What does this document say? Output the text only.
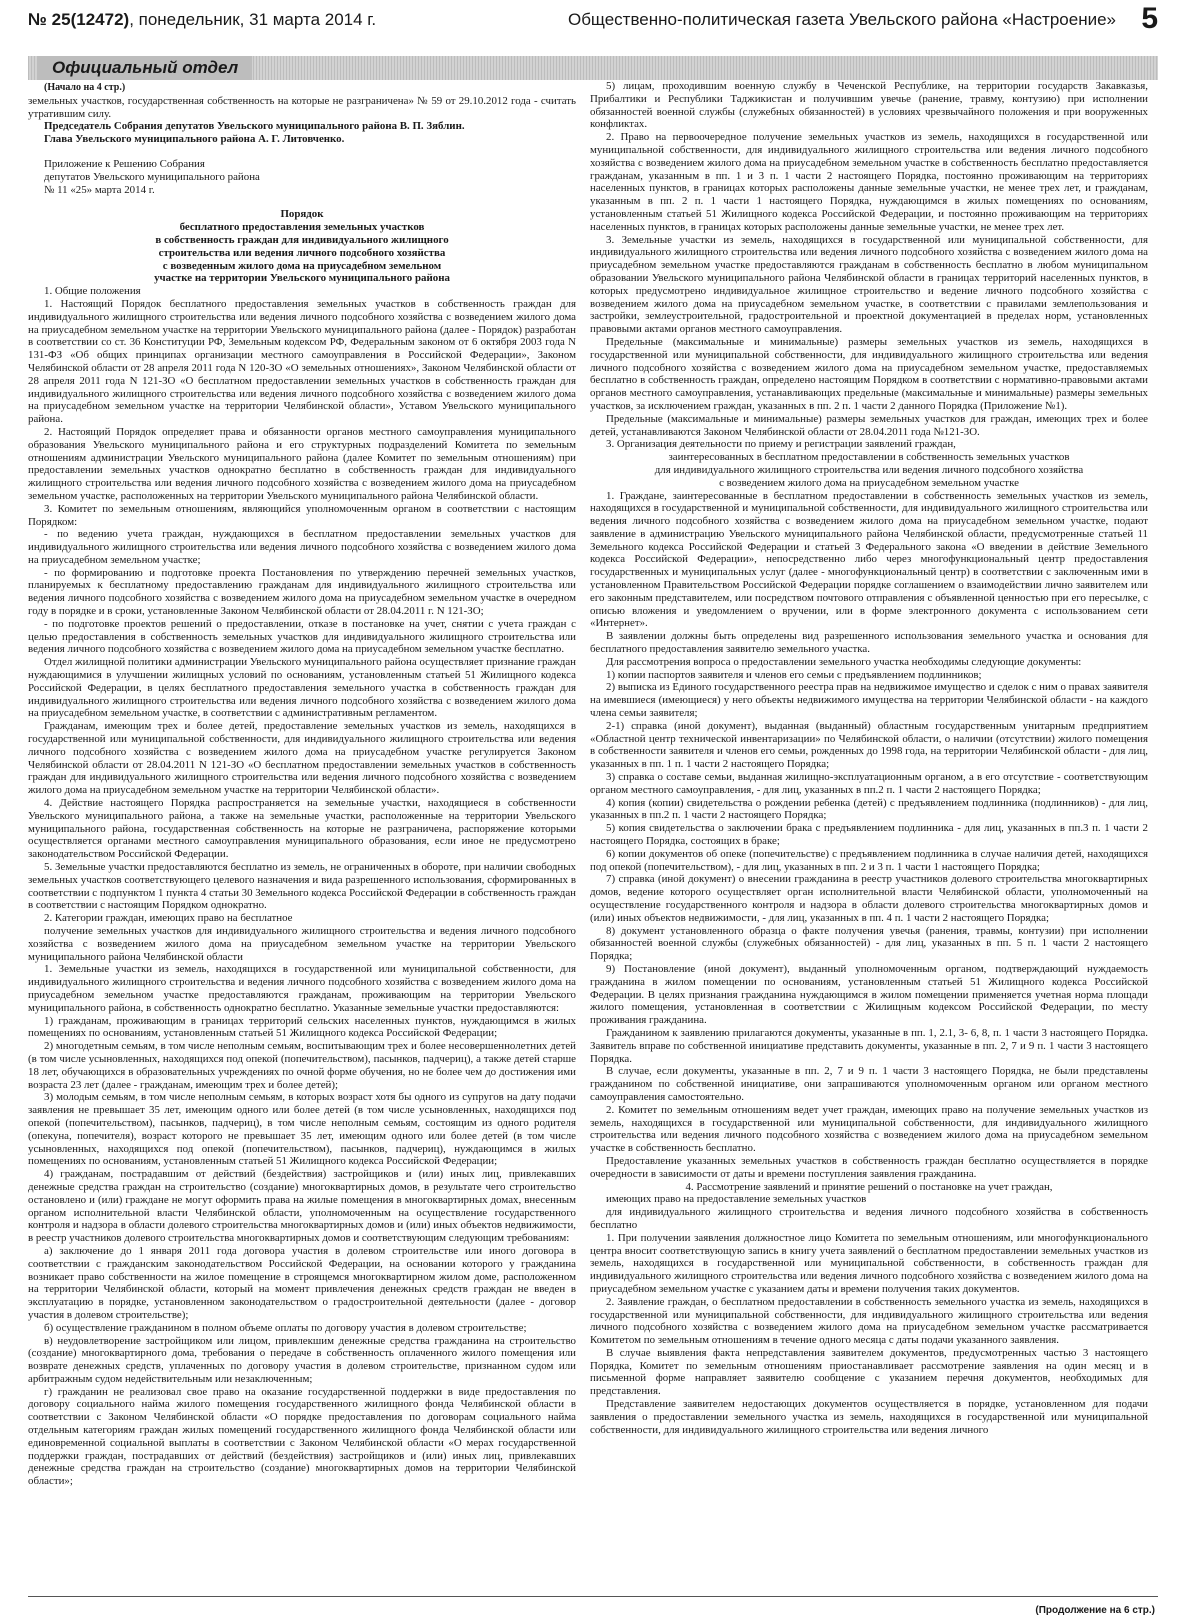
№ 25(12472), понедельник, 31 марта 2014 г.	Общественно-политическая газета Увельского района «Настроение» 5
Официальный отдел

(Начало на 4 стр.)

земельных участков, государственная собственность на которые не разграничена» № 59 от 29.10.2012 года - считать утратившим силу.

Председатель Собрания депутатов Увельского муниципального района В. П. Зяблин.

Глава Увельского муниципального района А. Г. Литовченко.

Приложение к Решению Собрания

депутатов Увельского муниципального района

№ 11 «25» марта 2014 г.

Порядок

бесплатного предоставления земельных участков

в собственность граждан для индивидуального жилищного

строительства или ведения личного подсобного хозяйства

с возведенным жилого дома на приусадебном земельном

участке на территории Увельского муниципального района

1. Общие положения

1. Настоящий Порядок бесплатного предоставления земельных участков в собственность граждан для индивидуального жилищного строительства или ведения личного подсобного хозяйства с возведением жилого дома на приусадебном земельном участке на территории Увельского муниципального района (далее - Порядок) разработан в соответствии со ст. 36 Конституции РФ, Земельным кодексом РФ, Федеральным законом от 6 октября 2003 года N 131-ФЗ «Об общих принципах организации местного самоуправления в Российской Федерации», Законом Челябинской области от 28 апреля 2011 года N 120-ЗО «О земельных отношениях», Законом Челябинской области от 28 апреля 2011 года N 121-ЗО «О бесплатном предоставлении земельных участков в собственность граждан для индивидуального жилищного строительства или ведения личного подсобного хозяйства с возведением жилого дома на приусадебном земельном участке на территории Челябинской области», Уставом Увельского муниципального района.

2. Настоящий Порядок определяет права и обязанности органов местного самоуправления муниципального образования Увельского муниципального района и его структурных подразделений Комитета по земельным отношениям администрации Увельского муниципального района (далее Комитет по земельным отношениям) при предоставлении земельных участков однократно бесплатно в собственность граждан для индивидуального жилищного строительства или ведения личного подсобного хозяйства с возведением жилого дома на приусадебном земельном участке, расположенных на территории Увельского муниципального района Челябинской области.

3. Комитет по земельным отношениям, являющийся уполномоченным органом в соответствии с настоящим Порядком:

- по ведению учета граждан, нуждающихся в бесплатном предоставлении земельных участков для индивидуального жилищного строительства или ведения личного подсобного хозяйства с возведением жилого дома на приусадебном земельном участке;

- по формированию и подготовке проекта Постановления по утверждению перечней земельных участков, планируемых к бесплатному предоставлению гражданам для индивидуального жилищного строительства или ведения личного подсобного хозяйства с возведением жилого дома на приусадебном земельном участке в очередном году в порядке и в сроки, установленные Законом Челябинской области от 28.04.2011 г. N 121-ЗО;

- по подготовке проектов решений о предоставлении, отказе в постановке на учет, снятии с учета граждан с целью предоставления в собственность земельных участков для индивидуального жилищного строительства или ведения личного подсобного хозяйства с возведением жилого дома на приусадебном земельном участке бесплатно.

Отдел жилищной политики администрации Увельского муниципального района осуществляет признание граждан нуждающимися в улучшении жилищных условий по основаниям, установленным статьей 51 Жилищного кодекса Российской Федерации, в целях бесплатного предоставления земельного участка в собственность граждан для индивидуального жилищного строительства или ведения личного подсобного хозяйства с возведением жилого дома на приусадебном земельном участке, в соответствии с административным регламентом.

Гражданам, имеющим трех и более детей, предоставление земельных участков из земель, находящихся в государственной или муниципальной собственности, для индивидуального жилищного строительства или ведения личного подсобного хозяйства с возведением жилого дома на приусадебном участке регулируется Законом Челябинской области от 28.04.2011 N 121-ЗО «О бесплатном предоставлении земельных участков в собственность граждан для индивидуального жилищного строительства или ведения личного подсобного хозяйства с возведением жилого дома на приусадебном земельном участке на территории Челябинской области».

4. Действие настоящего Порядка распространяется на земельные участки, находящиеся в собственности Увельского муниципального района, а также на земельные участки, расположенные на территории Увельского муниципального района, государственная собственность на которые не разграничена, распоряжение которыми осуществляется органами местного самоуправления муниципального образования, если иное не предусмотрено законодательством Российской Федерации.

5. Земельные участки предоставляются бесплатно из земель, не ограниченных в обороте, при наличии свободных земельных участков соответствующего целевого назначения и вида разрешенного использования, сформированных в соответствии с подпунктом 1 пункта 4 статьи 30 Земельного кодекса Российской Федерации в собственность граждан в соответствии с настоящим Порядком однократно.

2. Категории граждан, имеющих право на бесплатное

получение земельных участков для индивидуального жилищного строительства и ведения личного подсобного хозяйства с возведением жилого дома на приусадебном земельном участке на территории Увельского муниципального района Челябинской области

1. Земельные участки из земель, находящихся в государственной или муниципальной собственности, для индивидуального жилищного строительства и ведения личного подсобного хозяйства с возведением жилого дома на приусадебном земельном участке предоставляются гражданам, проживающим на территории Увельского муниципального района, в собственность однократно бесплатно. Указанные земельные участки предоставляются:

1) гражданам, проживающим в границах территорий сельских населенных пунктов, нуждающимся в жилых помещениях по основаниям, установленным статьей 51 Жилищного кодекса Российской Федерации;

2) многодетным семьям, в том числе неполным семьям, воспитывающим трех и более несовершеннолетних детей (в том числе усыновленных, находящихся под опекой (попечительством), пасынков, падчериц), а также детей старше 18 лет, обучающихся в образовательных учреждениях по очной форме обучения, но не более чем до достижения ими возраста 23 лет (далее - гражданам, имеющим трех и более детей);

3) молодым семьям, в том числе неполным семьям, в которых возраст хотя бы одного из супругов на дату подачи заявления не превышает 35 лет, имеющим одного или более детей (в том числе усыновленных, находящихся под опекой (попечительством), пасынков, падчериц), в том числе неполным семьям, состоящим из одного родителя (опекуна, попечителя), возраст которого не превышает 35 лет, имеющим одного или более детей (в том числе усыновленных, находящихся под опекой (попечительством), пасынков, падчериц), нуждающимся в жилых помещениях по основаниям, установленным статьей 51 Жилищного кодекса Российской Федерации;

4) гражданам, пострадавшим от действий (бездействия) застройщиков и (или) иных лиц, привлекавших денежные средства граждан на строительство (создание) многоквартирных домов, в результате чего строительство остановлено и (или) граждане не могут оформить права на жилые помещения в многоквартирных домах, внесенным органом исполнительной власти Челябинской области, уполномоченным на осуществление государственного контроля и надзора в области долевого строительства многоквартирных домов и (или) иных объектов недвижимости, в реестр участников долевого строительства многоквартирных домов и соответствующим следующим требованиям:

а) заключение до 1 января 2011 года договора участия в долевом строительстве или иного договора в соответствии с гражданским законодательством Российской Федерации, на основании которого у гражданина возникает право собственности на жилое помещение в строящемся многоквартирном жилом доме, расположенном на территории Челябинской области, который на момент привлечения денежных средств граждан не введен в эксплуатацию в порядке, установленном законодательством о градостроительной деятельности (далее - договор участия в долевом строительстве);

б) осуществление гражданином в полном объеме оплаты по договору участия в долевом строительстве;

в) неудовлетворение застройщиком или лицом, привлекшим денежные средства гражданина на строительство (создание) многоквартирного дома, требования о передаче в собственность оплаченного жилого помещения или возврате денежных средств, уплаченных по договору участия в долевом строительстве, признанном судом или арбитражным судом недействительным или незаключенным;

г) гражданин не реализовал свое право на оказание государственной поддержки в виде предоставления по договору социального найма жилого помещения государственного жилищного фонда Челябинской области в соответствии с Законом Челябинской области «О порядке предоставления по договорам социального найма отдельным категориям граждан жилых помещений государственного жилищного фонда Челябинской области или единовременной социальной выплаты в соответствии с Законом Челябинской области «О мерах государственной поддержки граждан, пострадавших от действий (бездействия) застройщиков и (или) иных лиц, привлекавших денежные средства граждан на строительство (создание) многоквартирных домов на территории Челябинской области»;

5) лицам, проходившим военную службу в Чеченской Республике, на территории государств Закавказья, Прибалтики и Республики Таджикистан и получившим увечье (ранение, травму, контузию) при исполнении обязанностей военной службы (служебных обязанностей) в условиях чрезвычайного положения и при вооруженных конфликтах.

2. Право на первоочередное получение земельных участков из земель, находящихся в государственной или муниципальной собственности, для индивидуального жилищного строительства или ведения личного подсобного хозяйства с возведением жилого дома на приусадебном земельном участке в собственность бесплатно предоставляется гражданам, указанным в пп. 1 и 3 п. 1 части 2 настоящего Порядка, постоянно проживающим на территориях населенных пунктов, в границах которых расположены данные земельные участки, не менее трех лет, и гражданам, указанным в пп. 2 п. 1 части 1 настоящего Порядка, нуждающимся в жилых помещениях по основаниям, установленным статьей 51 Жилищного кодекса Российской Федерации, и постоянно проживающим на территориях населенных пунктов, в границах которых расположены данные земельные участки, не менее трех лет.

3. Земельные участки из земель, находящихся в государственной или муниципальной собственности, для индивидуального жилищного строительства или ведения личного подсобного хозяйства с возведением жилого дома на приусадебном земельном участке предоставляются гражданам в собственность бесплатно в любом муниципальном образовании Увельского муниципального района Челябинской области в границах территорий населенных пунктов, в которых предусмотрено индивидуальное жилищное строительство и ведение личного подсобного хозяйства с возведением жилого дома на приусадебном земельном участке, в соответствии с правилами землепользования и застройки, землеустроительной, градостроительной и проектной документацией в пределах норм, установленных правовыми актами органов местного самоуправления.

Предельные (максимальные и минимальные) размеры земельных участков из земель, находящихся в государственной или муниципальной собственности, для индивидуального жилищного строительства или ведения личного подсобного хозяйства с возведением жилого дома на приусадебном земельном участке, предоставляемых бесплатно в собственность граждан, определено настоящим Порядком в соответствии с нормативно-правовыми актами органов местного самоуправления, устанавливающих предельные (максимальные и минимальные) размеры земельных участков, за исключением граждан, указанных в пп. 2 п. 1 части 2 данного Порядка (Приложение №1).

Предельные (максимальные и минимальные) размеры земельных участков для граждан, имеющих трех и более детей, устанавливаются Законом Челябинской области от 28.04.2011 года №121-ЗО.

3. Организация деятельности по приему и регистрации заявлений граждан,

заинтересованных в бесплатном предоставлении в собственность земельных участков

для индивидуального жилищного строительства или ведения личного подсобного хозяйства

с возведением жилого дома на приусадебном земельном участке

1. Граждане, заинтересованные в бесплатном предоставлении в собственность земельных участков из земель, находящихся в государственной и муниципальной собственности, для индивидуального жилищного строительства или ведения личного подсобного хозяйства с возведением жилого дома на приусадебном земельном участке, подают заявление в администрацию Увельского муниципального района Челябинской области, предусмотренные статьей 11 Земельного кодекса Российской Федерации и статьей 3 Федерального закона «О введении в действие Земельного кодекса Российской Федерации», непосредственно либо через многофункциональный центр предоставления государственных и муниципальных услуг (далее - многофункциональный центр) в соответствии с заключенным ими в установленном Правительством Российской Федерации порядке соглашением о взаимодействии лично заявителем или его законным представителем, или посредством почтового отправления с объявленной ценностью при его пересылке, с описью вложения и уведомлением о вручении, или в форме электронного документа с использованием сети «Интернет».

В заявлении должны быть определены вид разрешенного использования земельного участка и основания для бесплатного предоставления заявителю земельного участка.

Для рассмотрения вопроса о предоставлении земельного участка необходимы следующие документы:

1) копии паспортов заявителя и членов его семьи с предъявлением подлинников;

2) выписка из Единого государственного реестра прав на недвижимое имущество и сделок с ним о правах заявителя на имевшиеся (имеющиеся) у него объекты недвижимого имущества на территории Челябинской области - на каждого члена семьи заявителя;

2-1) справка (иной документ), выданная (выданный) областным государственным унитарным предприятием «Областной центр технической инвентаризации» по Челябинской области, о наличии (отсутствии) жилого помещения в собственности заявителя и членов его семьи, рожденных до 1998 года, на территории Челябинской области - для лиц, указанных в пп. 1 п. 1 части 2 настоящего Порядка;

3) справка о составе семьи, выданная жилищно-эксплуатационным органом, а в его отсутствие - соответствующим органом местного самоуправления, - для лиц, указанных в пп.2 п. 1 части 2 настоящего Порядка;

4) копия (копии) свидетельства о рождении ребенка (детей) с предъявлением подлинника (подлинников) - для лиц, указанных в пп.2 п. 1 части 2 настоящего Порядка;

5) копия свидетельства о заключении брака с предъявлением подлинника - для лиц, указанных в пп.3 п. 1 части 2 настоящего Порядка, состоящих в браке;

6) копии документов об опеке (попечительстве) с предъявлением подлинника в случае наличия детей, находящихся под опекой (попечительством), - для лиц, указанных в пп. 2 и 3 п. 1 части 1 настоящего Порядка;

7) справка (иной документ) о внесении гражданина в реестр участников долевого строительства многоквартирных домов, ведение которого осуществляет орган исполнительной власти Челябинской области, уполномоченный на осуществление государственного контроля и надзора в области долевого строительства многоквартирных домов и (или) иных объектов недвижимости, - для лиц, указанных в пп. 4 п. 1 части 2 настоящего Порядка;

8) документ установленного образца о факте получения увечья (ранения, травмы, контузии) при исполнении обязанностей военной службы (служебных обязанностей) - для лиц, указанных в пп. 5 п. 1 части 2 настоящего Порядка;

9) Постановление (иной документ), выданный уполномоченным органом, подтверждающий нуждаемость гражданина в жилом помещении по основаниям, установленным статьей 51 Жилищного кодекса Российской Федерации. В целях признания гражданина нуждающимся в жилом помещении применяется учетная норма площади жилого помещения, установленная в соответствии с Жилищным кодексом Российской Федерации, по месту проживания гражданина.

Гражданином к заявлению прилагаются документы, указанные в пп. 1, 2.1, 3- 6, 8, п. 1 части 3 настоящего Порядка. Заявитель вправе по собственной инициативе представить документы, указанные в пп. 2, 7 и 9 п. 1 части 3 настоящего Порядка.

В случае, если документы, указанные в пп. 2, 7 и 9 п. 1 части 3 настоящего Порядка, не были представлены гражданином по собственной инициативе, они запрашиваются уполномоченным органом или органом местного самоуправления самостоятельно.

2. Комитет по земельным отношениям ведет учет граждан, имеющих право на получение земельных участков из земель, находящихся в государственной или муниципальной собственности, для индивидуального жилищного строительства или ведения личного подсобного хозяйства с возведением жилого дома на приусадебном земельном участке в собственность бесплатно.

Предоставление указанных земельных участков в собственность граждан бесплатно осуществляется в порядке очередности в зависимости от даты и времени поступления заявления гражданина.

4. Рассмотрение заявлений и принятие решений о постановке на учет граждан,

имеющих право на предоставление земельных участков

для индивидуального жилищного строительства и ведения личного подсобного хозяйства в собственность бесплатно

1. При получении заявления должностное лицо Комитета по земельным отношениям, или многофункционального центра вносит соответствующую запись в книгу учета заявлений о бесплатном предоставлении земельных участков из земель, находящихся в государственной или муниципальной собственности, в собственность граждан для индивидуального жилищного строительства или ведения личного подсобного хозяйства с возведением жилого дома на приусадебном земельном участке с указанием даты и времени получения таких документов.

2. Заявление граждан, о бесплатном предоставлении в собственность земельного участка из земель, находящихся в государственной или муниципальной собственности, для индивидуального жилищного строительства или ведения личного подсобного хозяйства с возведением жилого дома на приусадебном земельном участке рассматривается Комитетом по земельным отношениям в течение одного месяца с даты подачи указанного заявления.

В случае выявления факта непредставления заявителем документов, предусмотренных частью 3 настоящего Порядка, Комитет по земельным отношениям приостанавливает рассмотрение заявления на один месяц и в письменной форме направляет заявителю сообщение с указанием перечня документов, необходимых для представления.

Представление заявителем недостающих документов осуществляется в порядке, установленном для подачи заявления о предоставлении земельного участка из земель, находящихся в государственной или муниципальной собственности, для индивидуального жилищного строительства или ведения личного

(Продолжение на 6 стр.)
